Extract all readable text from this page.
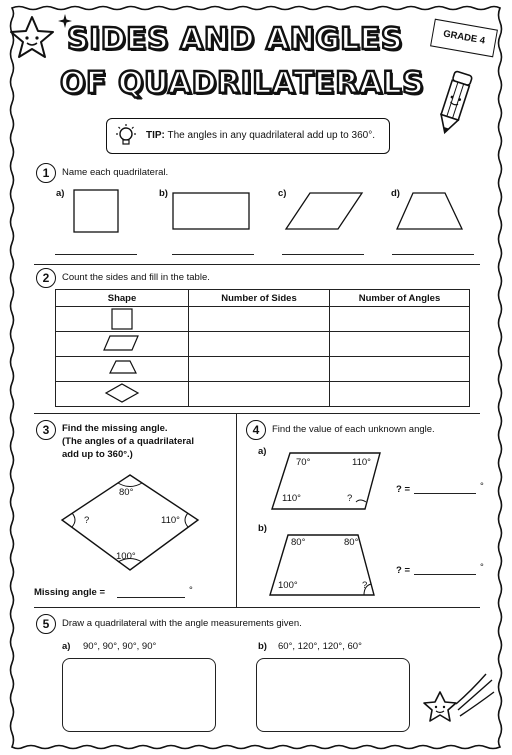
SIDES AND ANGLES
OF QUADRILATERALS
GRADE 4
TIP: The angles in any quadrilateral add up to 360°.
1	Name each quadrilateral.
a)	b)	c)	d)
2	Count the sides and fill in the table.
Shape	Number of Sides	Number of Angles

3	Find the missing angle.
(The angles of a quadrilateral
add up to 360°.)
80°
?	110°
100°
Missing angle =	°
4	Find the value of each unknown angle.
a)
70°	110°
110°	?
? =	°
b)
80°	80°
100°	?
? =	°
5	Draw a quadrilateral with the angle measurements given.
a) 90°, 90°, 90°, 90°	b) 60°, 120°, 120°, 60°
